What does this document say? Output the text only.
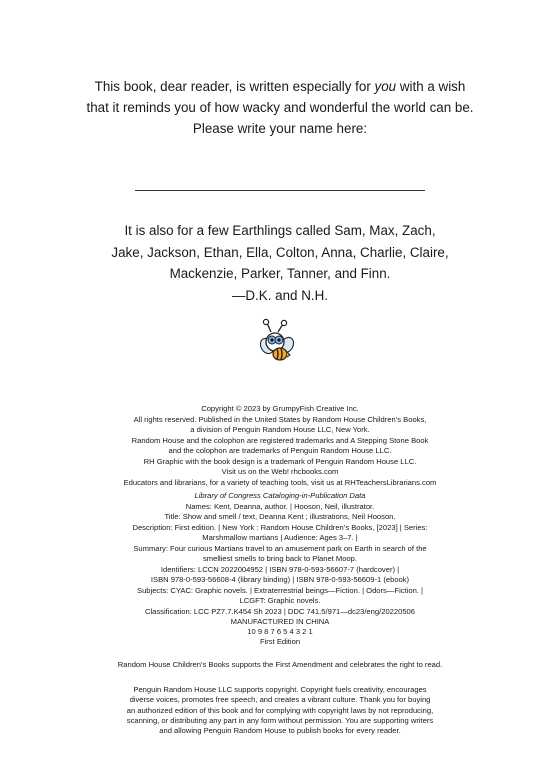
This book, dear reader, is written especially for you with a wish
that it reminds you of how wacky and wonderful the world can be.
Please write your name here:
It is also for a few Earthlings called Sam, Max, Zach,
Jake, Jackson, Ethan, Ella, Colton, Anna, Charlie, Claire,
Mackenzie, Parker, Tanner, and Finn.
—D.K. and N.H.
Copyright © 2023 by GrumpyFish Creative Inc.
All rights reserved. Published in the United States by Random House Children’s Books,
a division of Penguin Random House LLC, New York.
Random House and the colophon are registered trademarks and A Stepping Stone Book
and the colophon are trademarks of Penguin Random House LLC.
RH Graphic with the book design is a trademark of Penguin Random House LLC.
Visit us on the Web! rhcbooks.com
Educators and librarians, for a variety of teaching tools, visit us at RHTeachersLibrarians.com
Library of Congress Cataloging-in-Publication Data
Names: Kent, Deanna, author. | Hooson, Neil, illustrator.
Title: Show and smell / text, Deanna Kent ; illustrations, Neil Hooson.
Description: First edition. | New York : Random House Children’s Books, [2023] | Series:
Marshmallow martians | Audience: Ages 3–7. |
Summary: Four curious Martians travel to an amusement park on Earth in search of the
smelliest smells to bring back to Planet Moop.
Identifiers: LCCN 2022004952 | ISBN 978-0-593-56607-7 (hardcover) |
ISBN 978-0-593-56608-4 (library binding) | ISBN 978-0-593-56609-1 (ebook)
Subjects: CYAC: Graphic novels. | Extraterrestrial beings—Fiction. | Odors—Fiction. |
LCGFT: Graphic novels.
Classification: LCC PZ7.7.K454 Sh 2023 | DDC 741.5/971—dc23/eng/20220506
MANUFACTURED IN CHINA
10 9 8 7 6 5 4 3 2 1
First Edition
Random House Children’s Books supports the First Amendment and celebrates the right to read.
Penguin Random House LLC supports copyright. Copyright fuels creativity, encourages
diverse voices, promotes free speech, and creates a vibrant culture. Thank you for buying
an authorized edition of this book and for complying with copyright laws by not reproducing,
scanning, or distributing any part in any form without permission. You are supporting writers
and allowing Penguin Random House to publish books for every reader.
